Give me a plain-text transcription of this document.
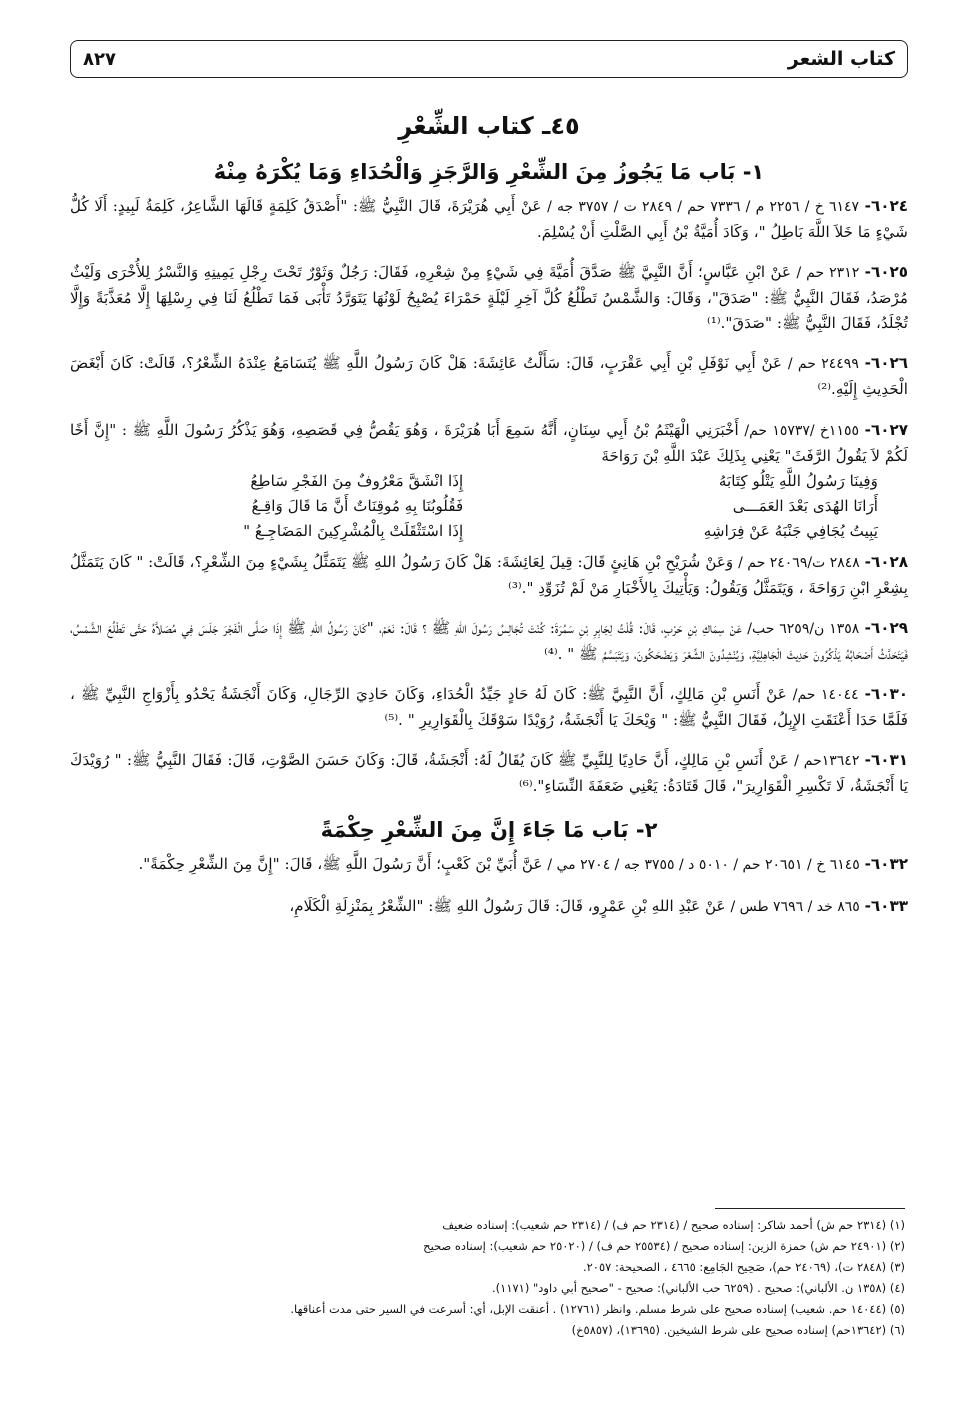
كتاب الشعر
٨٢٧
٤٥ـ كتاب الشِّعْرِ
١- بَاب مَا يَجُوزُ مِنَ الشِّعْرِ وَالرَّجَزِ وَالْحُدَاءِ وَمَا يُكْرَهُ مِنْهُ

٦٠٢٤- ٦١٤٧ خ / ٢٢٥٦ م / ٧٣٣٦ حم / ٢٨٤٩ ت / ٣٧٥٧ جه / عَنْ أَبِي هُرَيْرَةَ، قَالَ النَّبِيُّ ﷺ: "أَصْدَقُ كَلِمَةٍ قَالَهَا الشَّاعِرُ، كَلِمَةُ لَبِيدٍ: أَلَا كُلُّ شَيْءٍ مَا خَلاَ اللَّهَ بَاطِلُ "، وَكَادَ أُمَيَّةُ بْنُ أَبِي الصَّلْتِ أَنْ يُسْلِمَ.

٦٠٢٥- ٢٣١٢ حم / عَنْ ابْنِ عَبَّاسٍ؛ أَنَّ النَّبِيَّ ﷺ صَدَّقَ أُمَيَّةَ فِي شَيْءٍ مِنْ شِعْرِهِ، فَقَالَ: رَجُلٌ وَثَوْرٌ تَحْتَ رِجْلِ يَمِينِهِ وَالنَّسْرُ لِلأُخْرَى وَلَيْثٌ مُرْصَدُ، فَقَالَ النَّبِيُّ ﷺ: "صَدَقَ"، وَقَالَ: وَالشَّمْسُ تَطْلُعُ كُلَّ آخِرِ لَيْلَةٍ حَمْرَاءَ يُصْبِحُ لَوْنُهَا يَتَوَرَّدُ تَأْبَى فَمَا تَطْلُعُ لَنَا فِي رِسْلِهَا إِلَّا مُعَذَّبَةً وَإِلَّا تُجْلَدُ، فَقَالَ النَّبِيُّ ﷺ: "صَدَقَ".⁽¹⁾

٦٠٢٦- ٢٤٤٩٩ حم / عَنْ أَبِي نَوْفَلِ بْنِ أَبِي عَقْرَبٍ، قَالَ: سَأَلْتُ عَائِشَةَ: هَلْ كَانَ رَسُولُ اللَّهِ ﷺ يُتَسَامَعُ عِنْدَهُ الشِّعْرُ؟، قَالَتْ: كَانَ أَبْغَضَ الْحَدِيثِ إِلَيْهِ.⁽²⁾

٦٠٢٧- ١١٥٥خ /١٥٧٣٧ حم/ أَخْبَرَنِي الْهَيْثَمُ بْنُ أَبِي سِنَانٍ، أَنَّهُ سَمِعَ أَبَا هُرَيْرَةَ ، وَهُوَ يَقُصُّ فِي قَصَصِهِ، وَهُوَ يَذْكُرُ رَسُولَ اللَّهِ ﷺ : "إِنَّ أَخًا لَكُمْ لاَ يَقُولُ الرَّفَثَ" يَعْنِي بِذَلِكَ عَبْدَ اللَّهِ بْنَ رَوَاحَةَ

وَفِينَا رَسُولُ اللَّهِ يَتْلُو كِتَابَهُ
إِذَا انْشَقَّ مَعْرُوفٌ مِنَ الفَجْرِ سَاطِعُ
أَرَانَا الهُدَى بَعْدَ العَمَـــى
فَقُلُوبُنَا بِهِ مُوقِنَاتٌ أَنَّ مَا قَالَ وَاقِـعُ
يَبِيتُ يُجَافِي جَنْبَهُ عَنْ فِرَاشِهِ
إِذَا اسْتَثْقَلَتْ بِالْمُشْرِكِينَ المَضَاجِـعُ "

٦٠٢٨- ٢٨٤٨ ت/٢٤٠٦٩ حم / وَعَنْ شُرَيْحِ بْنِ هَانِئٍ قَالَ: قِيلَ لِعَائِشَةَ: هَلْ كَانَ رَسُولُ اللهِ ﷺ يَتَمَثَّلُ بِشَيْءٍ مِنَ الشِّعْرِ؟، قَالَتْ: " كَانَ يَتَمَثَّلُ بِشِعْرِ ابْنِ رَوَاحَةَ ، وَيَتَمَثَّلُ وَيَقُولُ: وَيَأْتِيكَ بِالأَخْبَارِ مَنْ لَمْ تُزَوِّدِ ".⁽³⁾

٦٠٢٩- ١٣٥٨ ن/٦٢٥٩ حب/ عَنْ سِمَاكِ بْنِ حَرْبٍ، قَالَ: قُلْتُ لِجَابِرِ بْنِ سَمُرَةَ: كُنْتَ تُجَالِسُ رَسُولَ اللهِ ﷺ ؟ قَالَ: نَعَمْ، "كَانَ رَسُولُ اللهِ ﷺ إِذَا صَلَّى الْفَجْرَ جَلَسَ فِي مُصَلاَّهُ حَتَّى تَطْلُعَ الشَّمْسُ، فَيَتَحَدَّثُ أَصْحَابُهُ يَذْكُرُونَ حَدِيثَ الْجَاهِلِيَّةِ، وَيُنْشِدُونَ الشِّعْرَ وَيَضْحَكُونَ، وَيَتَبَسَّمُ ﷺ " .⁽⁴⁾

٦٠٣٠- ١٤٠٤٤ حم/ عَنْ أَنَسِ بْنِ مَالِكٍ، أَنَّ النَّبِيَّ ﷺ: كَانَ لَهُ حَادٍ جَيِّدُ الْحُدَاءِ، وَكَانَ حَادِيَ الرِّجَالِ، وَكَانَ أَنْجَشَةُ يَحْدُو بِأَزْوَاجِ النَّبِيِّ ﷺ ، فَلَمَّا حَدَا أَعْنَقَتِ الإِبِلُ، فَقَالَ النَّبِيُّ ﷺ: " وَيْحَكَ يَا أَنْجَشَةُ، رُوَيْدًا سَوْقَكَ بِالْقَوَارِيرِ " .⁽⁵⁾

٦٠٣١- ١٣٦٤٢حم / عَنْ أَنَسِ بْنِ مَالِكٍ، أَنَّ حَادِيًا لِلنَّبِيِّ ﷺ كَانَ يُقَالُ لَهُ: أَنْجَشَةُ، قَالَ: وَكَانَ حَسَنَ الصَّوْتِ، قَالَ: فَقَالَ النَّبِيُّ ﷺ: " رُوَيْدَكَ يَا أَنْجَشَةُ، لَا تَكْسِرِ الْقَوَارِيرَ"، قَالَ قَتَادَةُ: يَعْنِي ضَعَفَةَ النِّسَاءِ".⁽⁶⁾

٢- بَاب مَا جَاءَ إِنَّ مِنَ الشِّعْرِ حِكْمَةً

٦٠٣٢- ٦١٤٥ خ / ٢٠٦٥١ حم / ٥٠١٠ د / ٣٧٥٥ جه / ٢٧٠٤ مي / عَنَّ أُبَيِّ بْنَ كَعْبٍ؛ أَنَّ رَسُولَ اللَّهِ ﷺ، قَالَ: "إِنَّ مِنَ الشِّعْرِ حِكْمَةً".

٦٠٣٣- ٨٦٥ خد / ٧٦٩٦ طس / عَنْ عَبْدِ اللهِ بْنِ عَمْرٍو، قَالَ: قَالَ رَسُولُ اللهِ ﷺ: "الشِّعْرُ بِمَنْزِلَةِ الْكَلَامِ،

(١) (٢٣١٤ حم ش) أحمد شاكر: إسناده صحيح / (٢٣١٤ حم ف) / (٢٣١٤ حم شعيب): إسناده ضعيف
(٢) (٢٤٩٠١ حم ش) حمزة الزين: إسناده صحيح / (٢٥٥٣٤ حم ف) / (٢٥٠٢٠ حم شعيب): إسناده صحيح
(٣) (٢٨٤٨ ت)، (٢٤٠٦٩ حم)، صَحِيح الجَامِع: ٤٦٦٥ ، الصحيحة: ٢٠٥٧.
(٤) (١٣٥٨ ن. الألباني): صحيح . (٦٢٥٩ حب الألباني): صحيح - "صحيح أبي داود" (١١٧١).
(٥) (١٤٠٤٤ حم. شعيب) إسناده صحيح على شرط مسلم. وانظر (١٢٧٦١) . أعنقت الإبل، أي: أسرعت في السير حتى مدت أعناقها.
(٦) (١٣٦٤٢حم) إسناده صحيح على شرط الشيخين. (١٣٦٩٥)، (٥٨٥٧خ)
